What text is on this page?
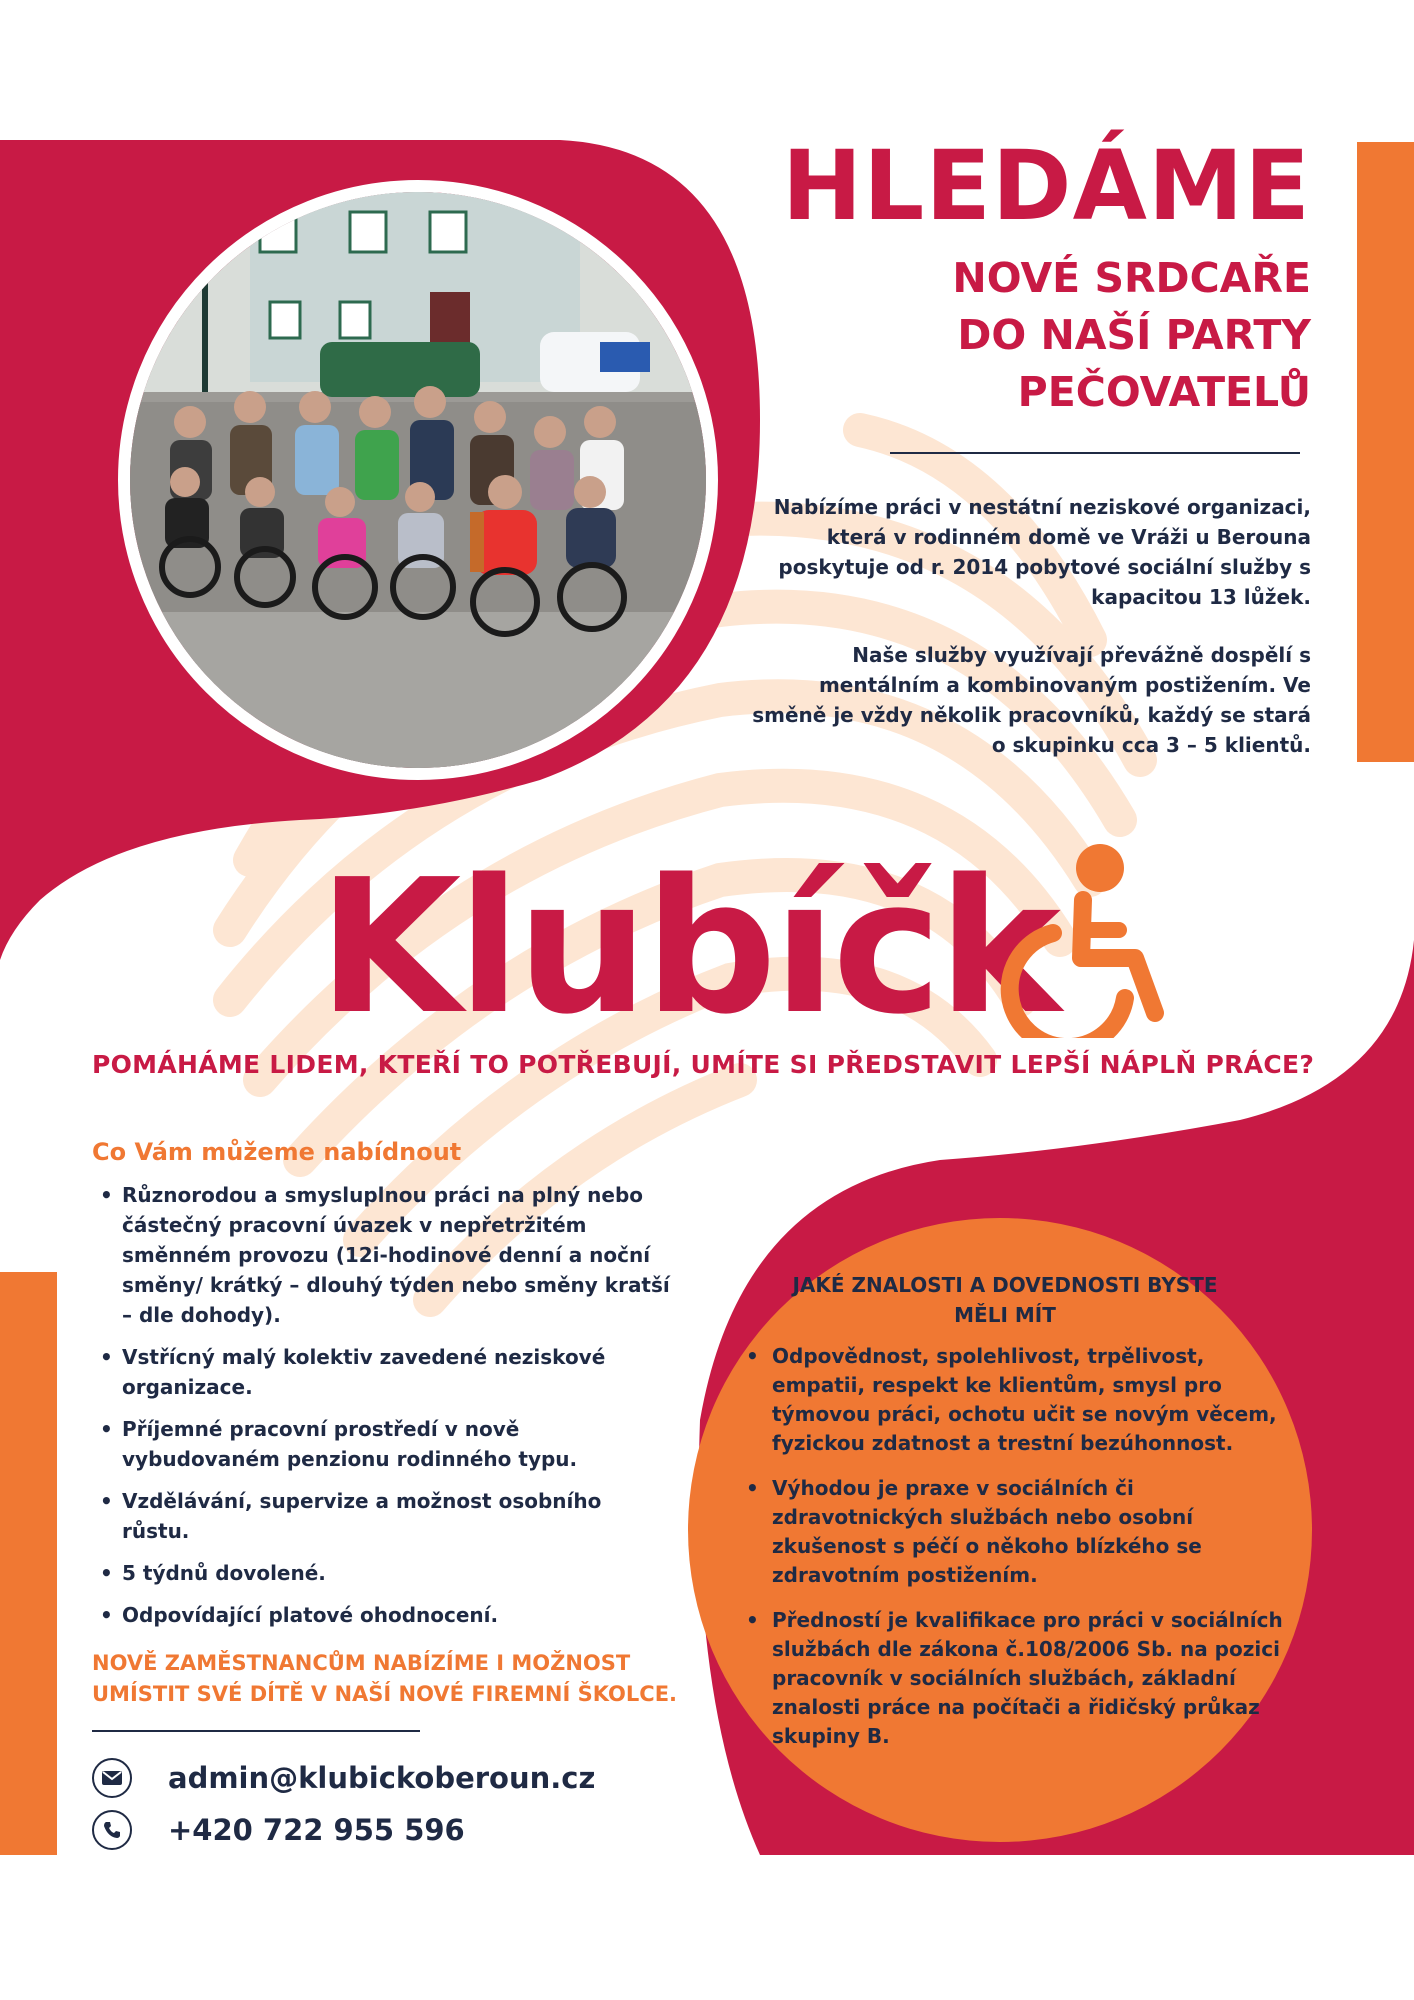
HLEDÁME
NOVÉ SRDCAŘE
DO NAŠÍ PARTY
PEČOVATELŮ

Nabízíme práci v nestátní neziskové organizaci, která v rodinném domě ve Vráži u Berouna poskytuje od r. 2014 pobytové sociální služby s kapacitou 13 lůžek.

Naše služby využívají převážně dospělí s mentálním a kombinovaným postižením. Ve směně je vždy několik pracovníků, každý se stará o skupinku cca 3 – 5 klientů.

Klubíčk
POMÁHÁME LIDEM, KTEŘÍ TO POTŘEBUJÍ, UMÍTE SI PŘEDSTAVIT LEPŠÍ NÁPLŇ PRÁCE?
Co Vám můžeme nabídnout
• Různorodou a smysluplnou práci na plný nebo částečný pracovní úvazek v nepřetržitém směnném provozu (12i-hodinové denní a noční směny/ krátký – dlouhý týden nebo směny kratší – dle dohody).
• Vstřícný malý kolektiv zavedené neziskové organizace.
• Příjemné pracovní prostředí v nově vybudovaném penzionu rodinného typu.
• Vzdělávání, supervize a možnost osobního růstu.
• 5 týdnů dovolené.
• Odpovídající platové ohodnocení.
NOVĚ ZAMĚSTNANCŮM NABÍZÍME I MOŽNOST UMÍSTIT SVÉ DÍTĚ V NAŠÍ NOVÉ FIREMNÍ ŠKOLCE.
admin@klubickoberoun.cz
+420 722 955 596
JAKÉ ZNALOSTI A DOVEDNOSTI BYSTE MĚLI MÍT
• Odpovědnost, spolehlivost, trpělivost, empatii, respekt ke klientům, smysl pro týmovou práci, ochotu učit se novým věcem, fyzickou zdatnost a trestní bezúhonnost.
• Výhodou je praxe v sociálních či zdravotnických službách nebo osobní zkušenost s péčí o někoho blízkého se zdravotním postižením.
• Předností je kvalifikace pro práci v sociálních službách dle zákona č.108/2006 Sb. na pozici pracovník v sociálních službách, základní znalosti práce na počítači a řidičský průkaz skupiny B.
